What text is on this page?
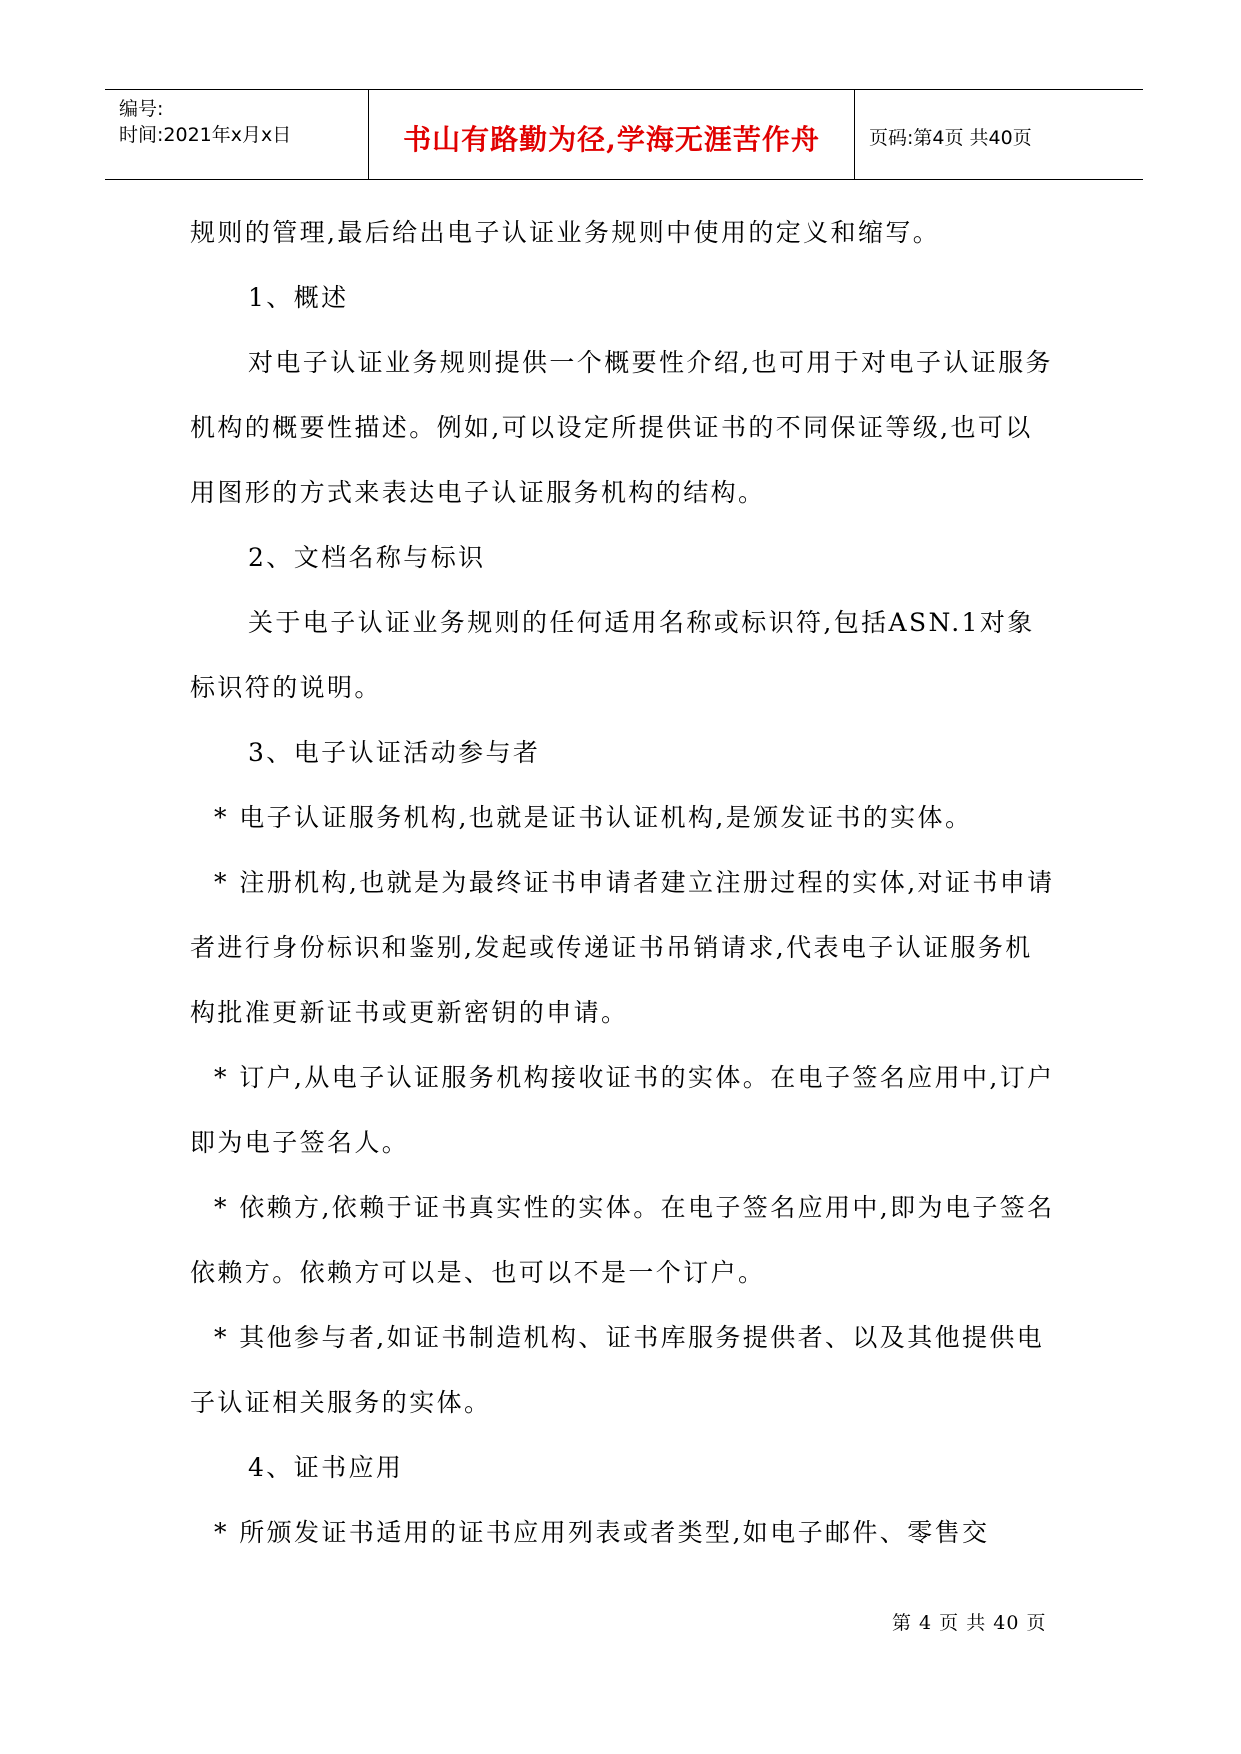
编号:
时间:2021年x月x日	书山有路勤为径,学海无涯苦作舟	页码:第4页 共40页

规则的管理,最后给出电子认证业务规则中使用的定义和缩写。

1、概述

对电子认证业务规则提供一个概要性介绍,也可用于对电子认证服务机构的概要性描述。例如,可以设定所提供证书的不同保证等级,也可以用图形的方式来表达电子认证服务机构的结构。

2、文档名称与标识

关于电子认证业务规则的任何适用名称或标识符,包括ASN.1对象标识符的说明。

3、电子认证活动参与者

* 电子认证服务机构,也就是证书认证机构,是颁发证书的实体。

* 注册机构,也就是为最终证书申请者建立注册过程的实体,对证书申请者进行身份标识和鉴别,发起或传递证书吊销请求,代表电子认证服务机构批准更新证书或更新密钥的申请。

* 订户,从电子认证服务机构接收证书的实体。在电子签名应用中,订户即为电子签名人。

* 依赖方,依赖于证书真实性的实体。在电子签名应用中,即为电子签名依赖方。依赖方可以是、也可以不是一个订户。

* 其他参与者,如证书制造机构、证书库服务提供者、以及其他提供电子认证相关服务的实体。

4、证书应用

* 所颁发证书适用的证书应用列表或者类型,如电子邮件、零售交

第 4 页 共 40 页
